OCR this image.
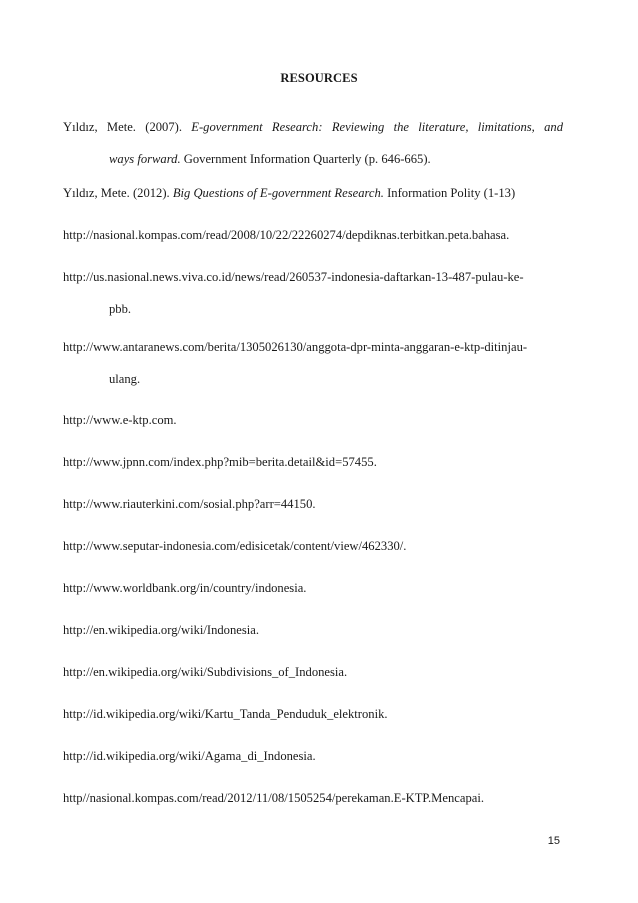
RESOURCES
Yıldız, Mete. (2007). E-government Research: Reviewing the literature, limitations, and
ways forward. Government Information Quarterly (p. 646-665).
Yıldız, Mete. (2012). Big Questions of E-government Research. Information Polity (1-13)
http://nasional.kompas.com/read/2008/10/22/22260274/depdiknas.terbitkan.peta.bahasa.
http://us.nasional.news.viva.co.id/news/read/260537-indonesia-daftarkan-13-487-pulau-ke-
pbb.
http://www.antaranews.com/berita/1305026130/anggota-dpr-minta-anggaran-e-ktp-ditinjau-
ulang.
http://www.e-ktp.com.
http://www.jpnn.com/index.php?mib=berita.detail&id=57455.
http://www.riauterkini.com/sosial.php?arr=44150.
http://www.seputar-indonesia.com/edisicetak/content/view/462330/.
http://www.worldbank.org/in/country/indonesia.
http://en.wikipedia.org/wiki/Indonesia.
http://en.wikipedia.org/wiki/Subdivisions_of_Indonesia.
http://id.wikipedia.org/wiki/Kartu_Tanda_Penduduk_elektronik.
http://id.wikipedia.org/wiki/Agama_di_Indonesia.
http//nasional.kompas.com/read/2012/11/08/1505254/perekaman.E-KTP.Mencapai.
15
